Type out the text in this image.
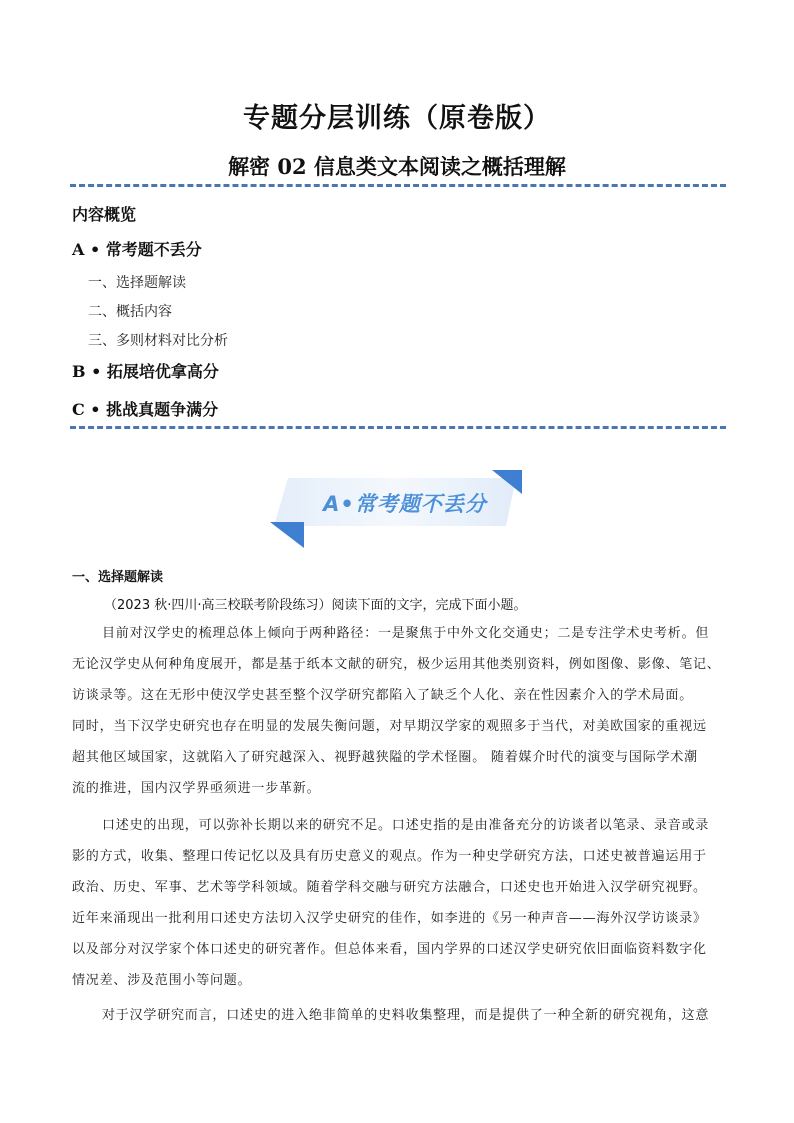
专题分层训练（原卷版）
解密 02 信息类文本阅读之概括理解
内容概览
A • 常考题不丢分
一、选择题解读
二、概括内容
三、多则材料对比分析
B • 拓展培优拿高分
C • 挑战真题争满分
A•常考题不丢分
一、选择题解读
（2023 秋·四川·高三校联考阶段练习）阅读下面的文字，完成下面小题。
目前对汉学史的梳理总体上倾向于两种路径：一是聚焦于中外文化交通史；二是专注学术史考析。但
无论汉学史从何种角度展开，都是基于纸本文献的研究，极少运用其他类别资料，例如图像、影像、笔记、
访谈录等。这在无形中使汉学史甚至整个汉学研究都陷入了缺乏个人化、亲在性因素介入的学术局面。
同时，当下汉学史研究也存在明显的发展失衡问题，对早期汉学家的观照多于当代，对美欧国家的重视远
超其他区域国家，这就陷入了研究越深入、视野越狭隘的学术怪圈。 随着媒介时代的演变与国际学术潮
流的推进，国内汉学界亟须进一步革新。
口述史的出现，可以弥补长期以来的研究不足。口述史指的是由准备充分的访谈者以笔录、录音或录
影的方式，收集、整理口传记忆以及具有历史意义的观点。作为一种史学研究方法，口述史被普遍运用于
政治、历史、军事、艺术等学科领域。随着学科交融与研究方法融合，口述史也开始进入汉学研究视野。
近年来涌现出一批利用口述史方法切入汉学史研究的佳作，如李进的《另一种声音——海外汉学访谈录》
以及部分对汉学家个体口述史的研究著作。但总体来看，国内学界的口述汉学史研究依旧面临资料数字化
情况差、涉及范围小等问题。
对于汉学研究而言，口述史的进入绝非简单的史料收集整理，而是提供了一种全新的研究视角，这意
